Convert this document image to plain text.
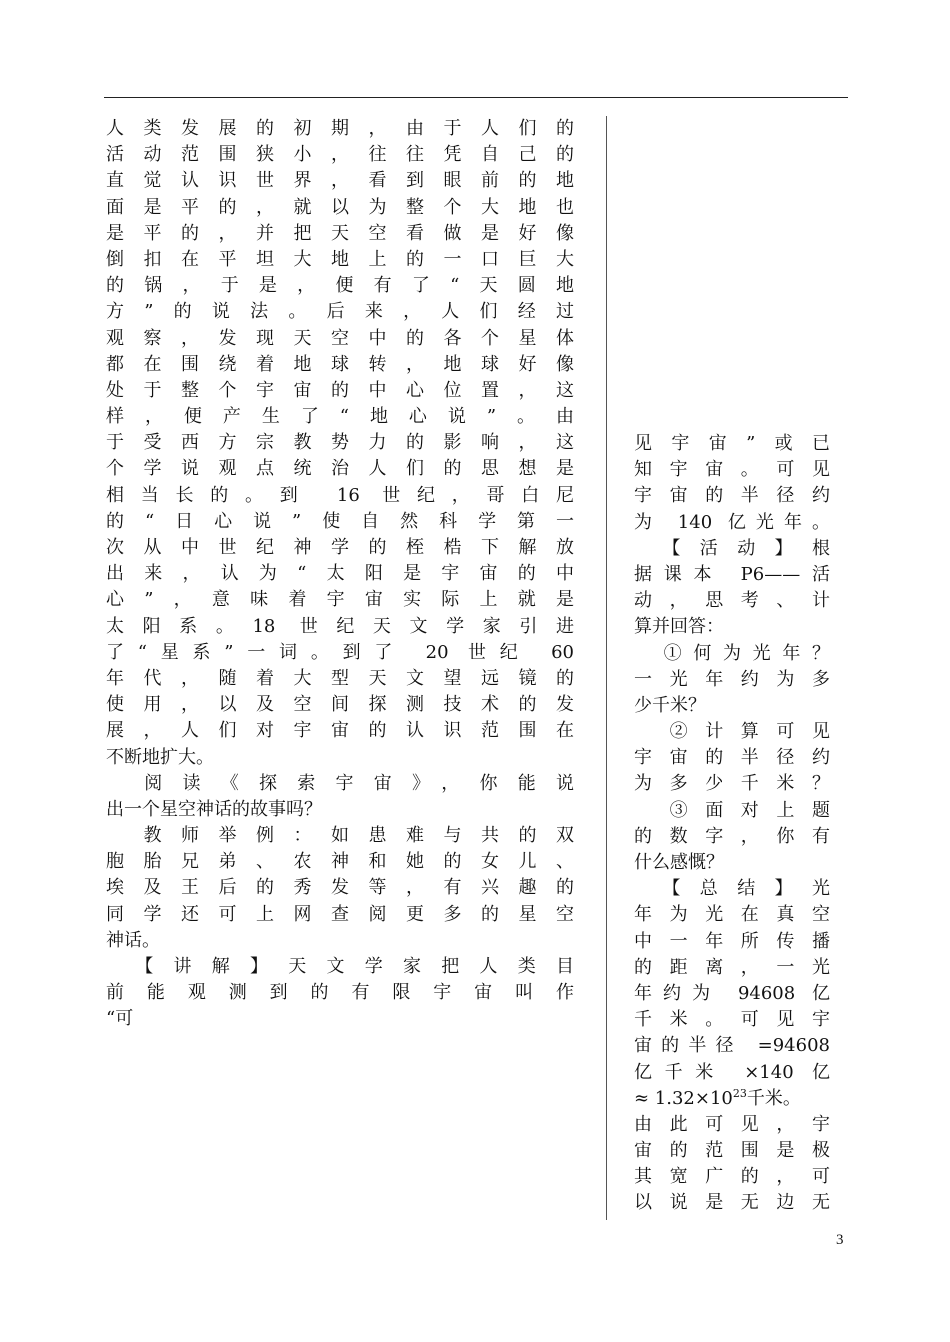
人类发展的初期，由于人们的
活动范围狭小，往往凭自己的
直觉认识世界，看到眼前的地
面是平的，就以为整个大地也
是平的，并把天空看做是好像
倒扣在平坦大地上的一口巨大
的锅，于是，便有了“天圆地
方”的说法。后来，人们经过
观察，发现天空中的各个星体
都在围绕着地球转，地球好像
处于整个宇宙的中心位置，这
样，便产生了“地心说”。由
于受西方宗教势力的影响，这
个学说观点统治人们的思想是
相当长的。到 16 世纪，哥白尼
的“日心说”使自然科学第一
次从中世纪神学的桎梏下解放
出来，认为“太阳是宇宙的中
心”，意味着宇宙实际上就是
太阳系。18 世纪天文学家引进
了“星系”一词。到了 20 世纪 60
年代，随着大型天文望远镜的
使用，以及空间探测技术的发
展，人们对宇宙的认识范围在
不断地扩大。
　阅读《探索宇宙》，你能说
出一个星空神话的故事吗？
　教师举例：如患难与共的双
胞胎兄弟、农神和她的女儿、
埃及王后的秀发等，有兴趣的
同学还可上网查阅更多的星空
神话。
　【讲解】天文学家把人类目
前能观测到的有限宇宙叫作
“可
见宇宙”或已
知宇宙。可见
宇宙的半径约
为 140 亿光年。
　【活动】根
据课本 P6——活
动，思考、计
算并回答：
　①何为光年？
一光年约为多
少千米？
　②计算可见
宇宙的半径约
为多少千米？
　③面对上题
的数字，你有
什么感慨？
　【总结】光
年为光在真空
中一年所传播
的距离，一光
年约为 94608 亿
千米。可见宇
宙的半径 =94608
亿千米 ×140 亿
≈ $1.32\times 10^{23}$千米。
由此可见，宇
宙的范围是极
其宽广的，可
以说是无边无
3
